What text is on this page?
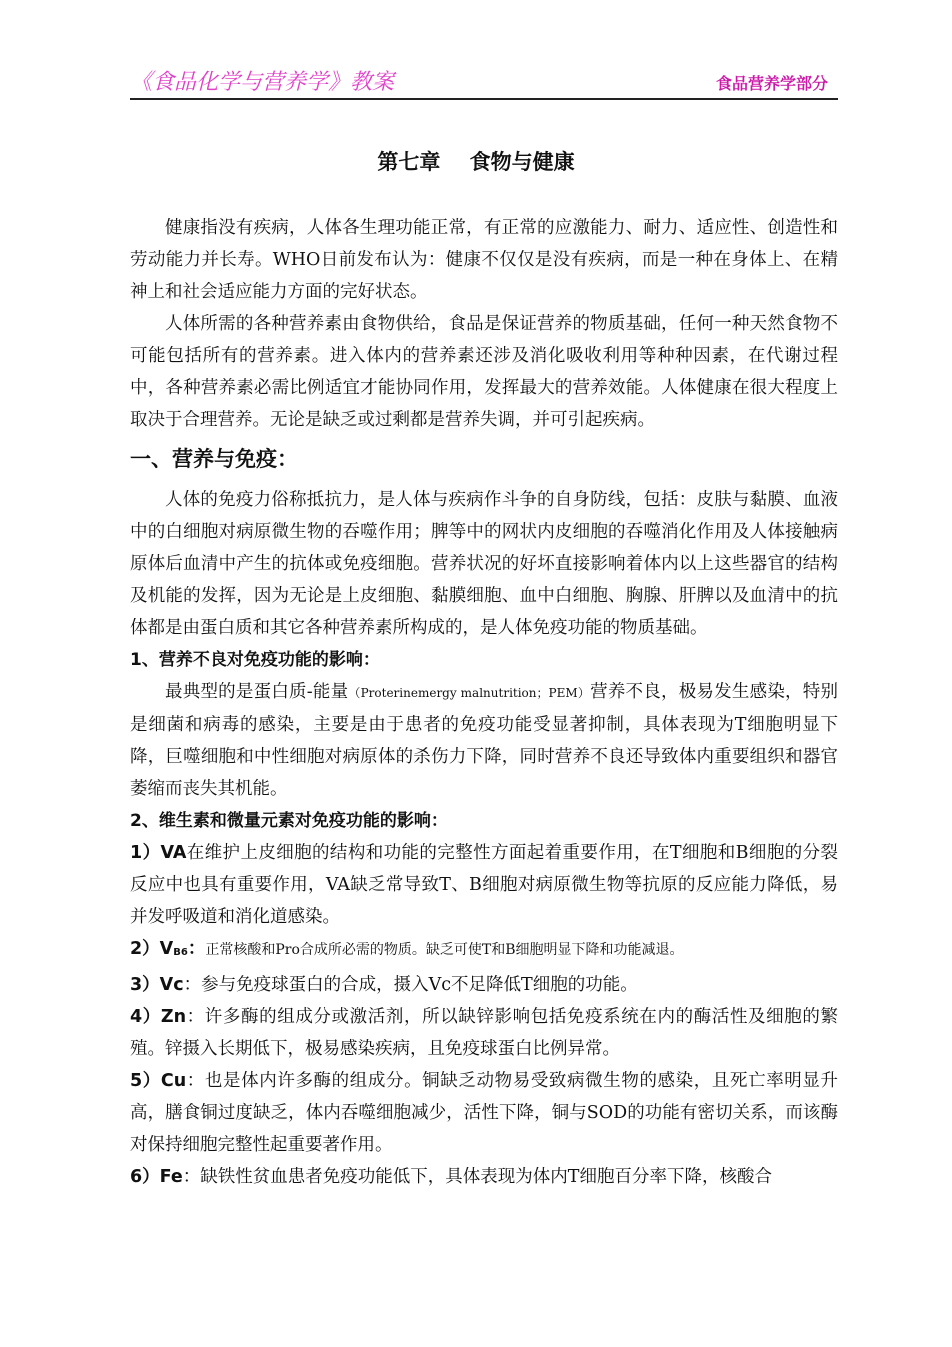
《食品化学与营养学》教案	食品营养学部分
第七章    食物与健康

健康指没有疾病，人体各生理功能正常，有正常的应激能力、耐力、适应性、创造性和劳动能力并长寿。WHO日前发布认为：健康不仅仅是没有疾病，而是一种在身体上、在精神上和社会适应能力方面的完好状态。

人体所需的各种营养素由食物供给，食品是保证营养的物质基础，任何一种天然食物不可能包括所有的营养素。进入体内的营养素还涉及消化吸收利用等种种因素，在代谢过程中，各种营养素必需比例适宜才能协同作用，发挥最大的营养效能。人体健康在很大程度上取决于合理营养。无论是缺乏或过剩都是营养失调，并可引起疾病。

一、营养与免疫：

人体的免疫力俗称抵抗力，是人体与疾病作斗争的自身防线，包括：皮肤与黏膜、血液中的白细胞对病原微生物的吞噬作用；脾等中的网状内皮细胞的吞噬消化作用及人体接触病原体后血清中产生的抗体或免疫细胞。营养状况的好坏直接影响着体内以上这些器官的结构及机能的发挥，因为无论是上皮细胞、黏膜细胞、血中白细胞、胸腺、肝脾以及血清中的抗体都是由蛋白质和其它各种营养素所构成的，是人体免疫功能的物质基础。

1、营养不良对免疫功能的影响：

最典型的是蛋白质-能量（Proterinemergy malnutrition；PEM）营养不良，极易发生感染，特别是细菌和病毒的感染，主要是由于患者的免疫功能受显著抑制，具体表现为T细胞明显下降，巨噬细胞和中性细胞对病原体的杀伤力下降，同时营养不良还导致体内重要组织和器官萎缩而丧失其机能。

2、维生素和微量元素对免疫功能的影响：

1）VA在维护上皮细胞的结构和功能的完整性方面起着重要作用，在T细胞和B细胞的分裂反应中也具有重要作用，VA缺乏常导致T、B细胞对病原微生物等抗原的反应能力降低，易并发呼吸道和消化道感染。

2）VB6：正常核酸和Pro合成所必需的物质。缺乏可使T和B细胞明显下降和功能减退。

3）Vc：参与免疫球蛋白的合成，摄入Vc不足降低T细胞的功能。

4）Zn：许多酶的组成分或激活剂，所以缺锌影响包括免疫系统在内的酶活性及细胞的繁殖。锌摄入长期低下，极易感染疾病，且免疫球蛋白比例异常。

5）Cu：也是体内许多酶的组成分。铜缺乏动物易受致病微生物的感染，且死亡率明显升高，膳食铜过度缺乏，体内吞噬细胞减少，活性下降，铜与SOD的功能有密切关系，而该酶对保持细胞完整性起重要著作用。

6）Fe：缺铁性贫血患者免疫功能低下，具体表现为体内T细胞百分率下降，核酸合
